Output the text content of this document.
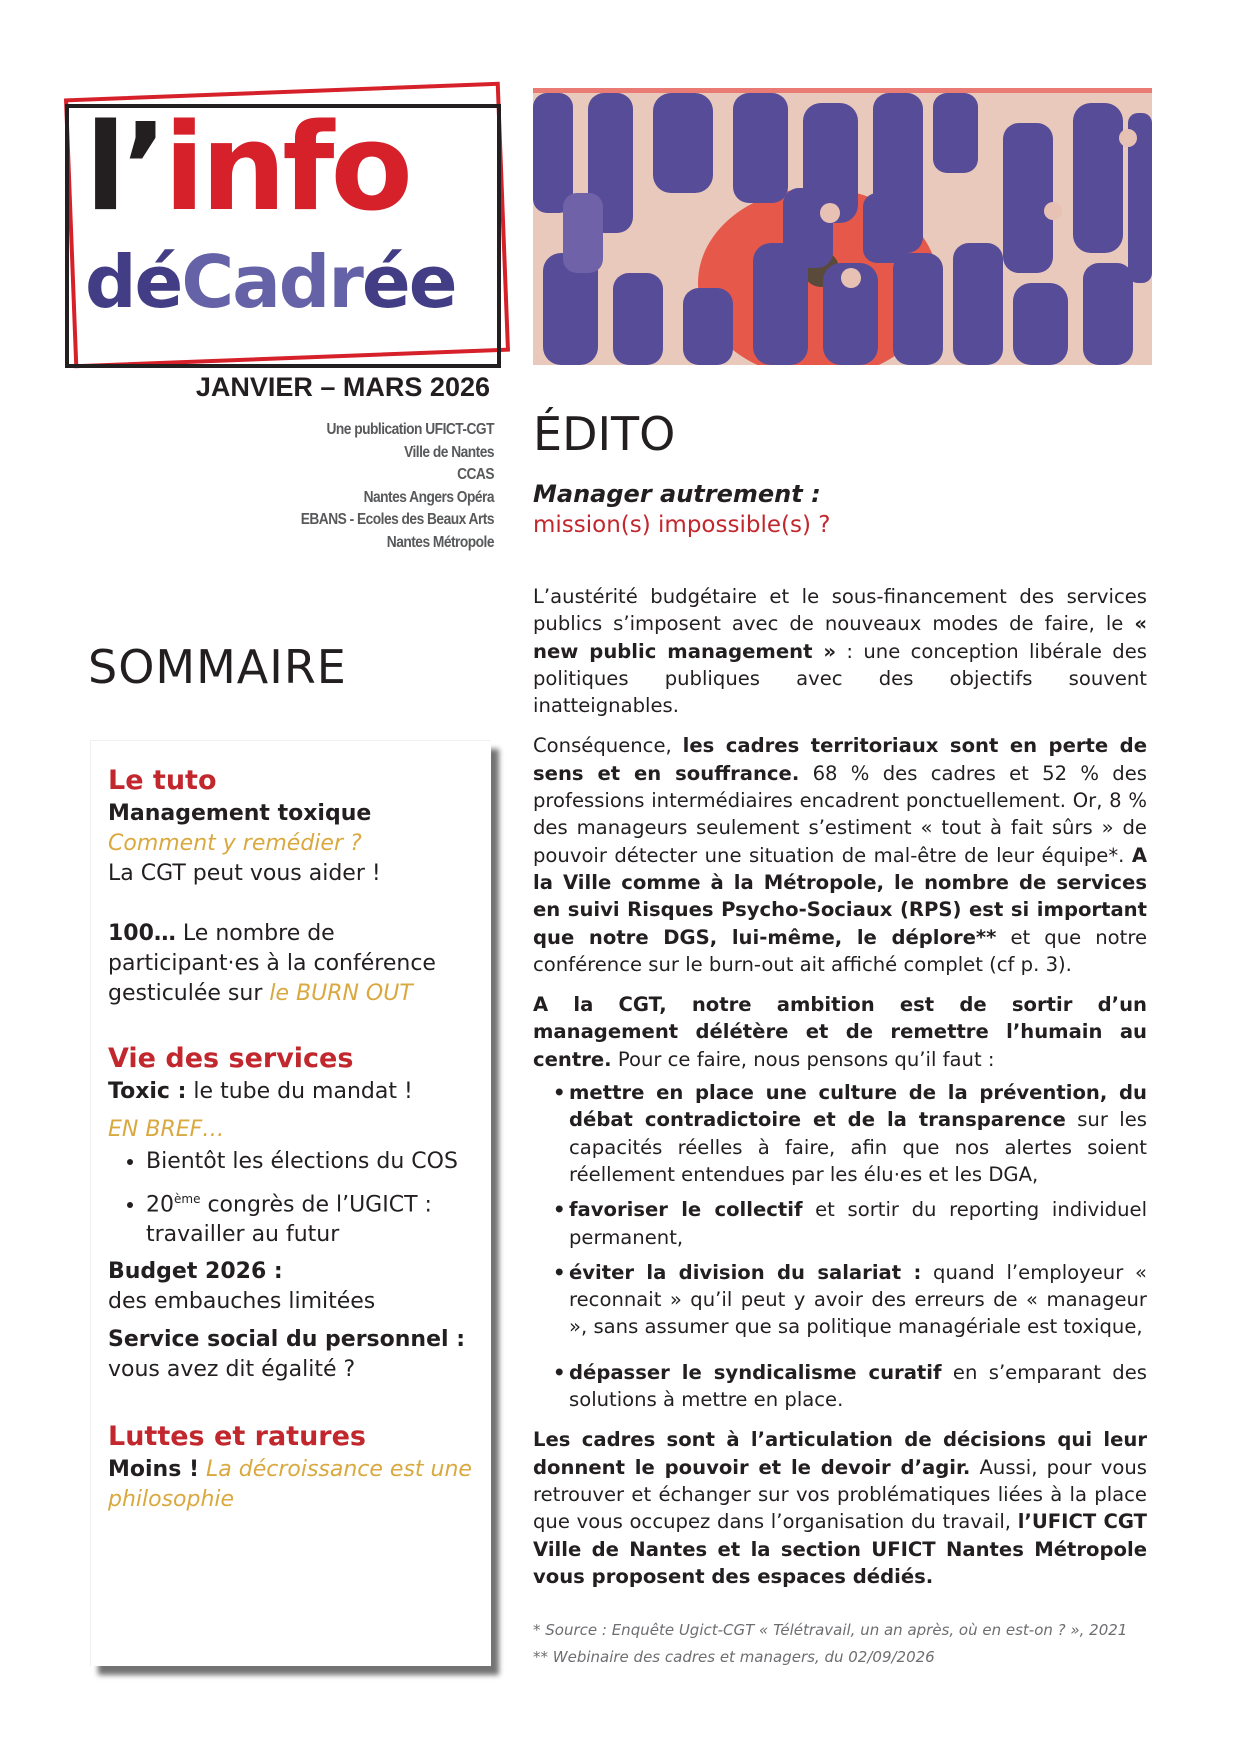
l’info
déCadrée
JANVIER – MARS 2026
Une publication UFICT-CGT
Ville de Nantes
CCAS
Nantes Angers Opéra
EBANS - Ecoles des Beaux Arts
Nantes Métropole
SOMMAIRE

Le tuto

Management toxique

Comment y remédier ?

La CGT peut vous aider !

100… Le nombre de participant·es à la conférence gesticulée sur le BURN OUT

Vie des services

Toxic : le tube du mandat !

EN BREF…

• Bientôt les élections du COS
• 20ème congrès de l’UGICT : travailler au futur

Budget 2026 :

des embauches limitées

Service social du personnel :

vous avez dit égalité ?

Luttes et ratures

Moins ! La décroissance est une philosophie

ÉDITO
Manager autrement :
mission(s) impossible(s) ?

L’austérité budgétaire et le sous-financement des services publics s’imposent avec de nouveaux modes de faire, le « new public management » : une conception libérale des politiques publiques avec des objectifs souvent inatteignables.

Conséquence, les cadres territoriaux sont en perte de sens et en souffrance. 68 % des cadres et 52 % des professions intermédiaires encadrent ponctuellement. Or, 8 % des manageurs seulement s’estiment « tout à fait sûrs » de pouvoir détecter une situation de mal-être de leur équipe*. A la Ville comme à la Métropole, le nombre de services en suivi Risques Psycho-Sociaux (RPS) est si important que notre DGS, lui-même, le déplore** et que notre conférence sur le burn-out ait affiché complet (cf p. 3).

A la CGT, notre ambition est de sortir d’un management délétère et de remettre l’humain au centre. Pour ce faire, nous pensons qu’il faut :

• mettre en place une culture de la prévention, du débat contradictoire et de la transparence sur les capacités réelles à faire, afin que nos alertes soient réellement entendues par les élu·es et les DGA,
• favoriser le collectif et sortir du reporting individuel permanent,
• éviter la division du salariat : quand l’employeur « reconnait » qu’il peut y avoir des erreurs de « manageur », sans assumer que sa politique managériale est toxique,
• dépasser le syndicalisme curatif en s’emparant des solutions à mettre en place.

Les cadres sont à l’articulation de décisions qui leur donnent le pouvoir et le devoir d’agir. Aussi, pour vous retrouver et échanger sur vos problématiques liées à la place que vous occupez dans l’organisation du travail, l’UFICT CGT Ville de Nantes et la section UFICT Nantes Métropole vous proposent des espaces dédiés.

* Source : Enquête Ugict-CGT « Télétravail, un an après, où en est-on ? », 2021

** Webinaire des cadres et managers, du 02/09/2026
